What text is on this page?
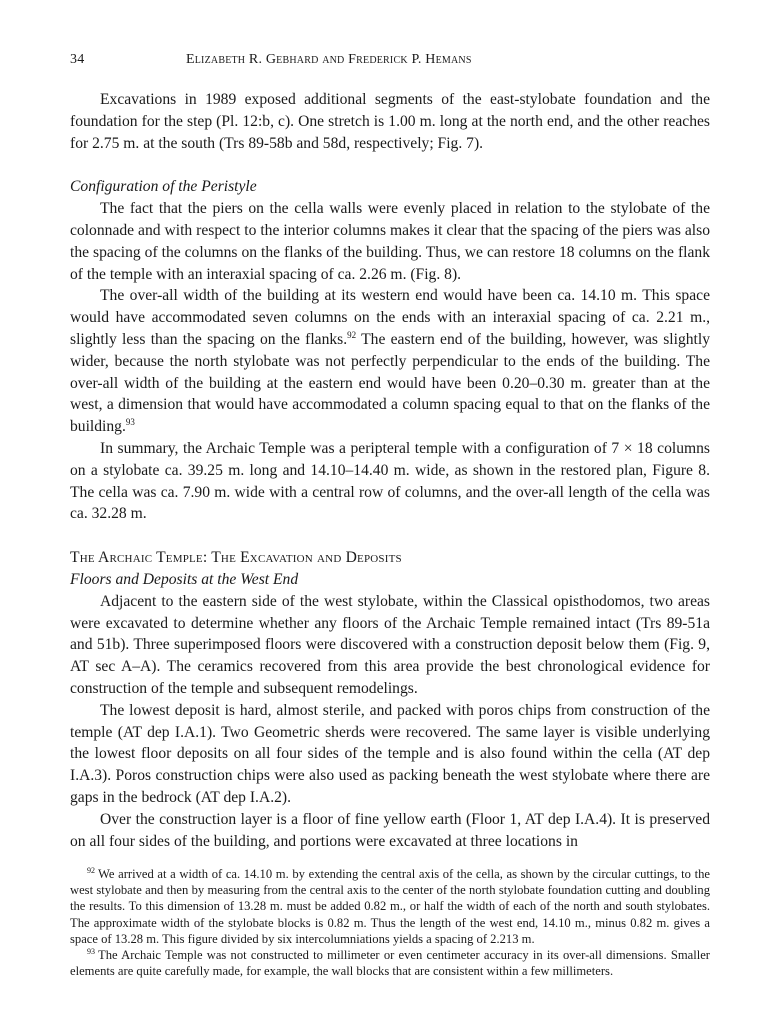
34	Elizabeth R. Gebhard and Frederick P. Hemans

Excavations in 1989 exposed additional segments of the east-stylobate foundation and the foundation for the step (Pl. 12:b, c). One stretch is 1.00 m. long at the north end, and the other reaches for 2.75 m. at the south (Trs 89-58b and 58d, respectively; Fig. 7).

Configuration of the Peristyle

The fact that the piers on the cella walls were evenly placed in relation to the stylobate of the colonnade and with respect to the interior columns makes it clear that the spacing of the piers was also the spacing of the columns on the flanks of the building. Thus, we can restore 18 columns on the flank of the temple with an interaxial spacing of ca. 2.26 m. (Fig. 8).

The over-all width of the building at its western end would have been ca. 14.10 m. This space would have accommodated seven columns on the ends with an interaxial spacing of ca. 2.21 m., slightly less than the spacing on the flanks.$^{92}$ The eastern end of the building, however, was slightly wider, because the north stylobate was not perfectly perpendicular to the ends of the building. The over-all width of the building at the eastern end would have been 0.20–0.30 m. greater than at the west, a dimension that would have accommodated a column spacing equal to that on the flanks of the building.$^{93}$

In summary, the Archaic Temple was a peripteral temple with a configuration of 7 × 18 columns on a stylobate ca. 39.25 m. long and 14.10–14.40 m. wide, as shown in the restored plan, Figure 8. The cella was ca. 7.90 m. wide with a central row of columns, and the over-all length of the cella was ca. 32.28 m.

The Archaic Temple: The Excavation and Deposits

Floors and Deposits at the West End

Adjacent to the eastern side of the west stylobate, within the Classical opisthodomos, two areas were excavated to determine whether any floors of the Archaic Temple remained intact (Trs 89-51a and 51b). Three superimposed floors were discovered with a construction deposit below them (Fig. 9, AT sec A–A). The ceramics recovered from this area provide the best chronological evidence for construction of the temple and subsequent remodelings.

The lowest deposit is hard, almost sterile, and packed with poros chips from construction of the temple (AT dep I.A.1). Two Geometric sherds were recovered. The same layer is visible underlying the lowest floor deposits on all four sides of the temple and is also found within the cella (AT dep I.A.3). Poros construction chips were also used as packing beneath the west stylobate where there are gaps in the bedrock (AT dep I.A.2).

Over the construction layer is a floor of fine yellow earth (Floor 1, AT dep I.A.4). It is preserved on all four sides of the building, and portions were excavated at three locations in

$^{92}$ We arrived at a width of ca. 14.10 m. by extending the central axis of the cella, as shown by the circular cuttings, to the west stylobate and then by measuring from the central axis to the center of the north stylobate foundation cutting and doubling the results. To this dimension of 13.28 m. must be added 0.82 m., or half the width of each of the north and south stylobates. The approximate width of the stylobate blocks is 0.82 m. Thus the length of the west end, 14.10 m., minus 0.82 m. gives a space of 13.28 m. This figure divided by six intercolumniations yields a spacing of 2.213 m.

$^{93}$ The Archaic Temple was not constructed to millimeter or even centimeter accuracy in its over-all dimensions. Smaller elements are quite carefully made, for example, the wall blocks that are consistent within a few millimeters.
